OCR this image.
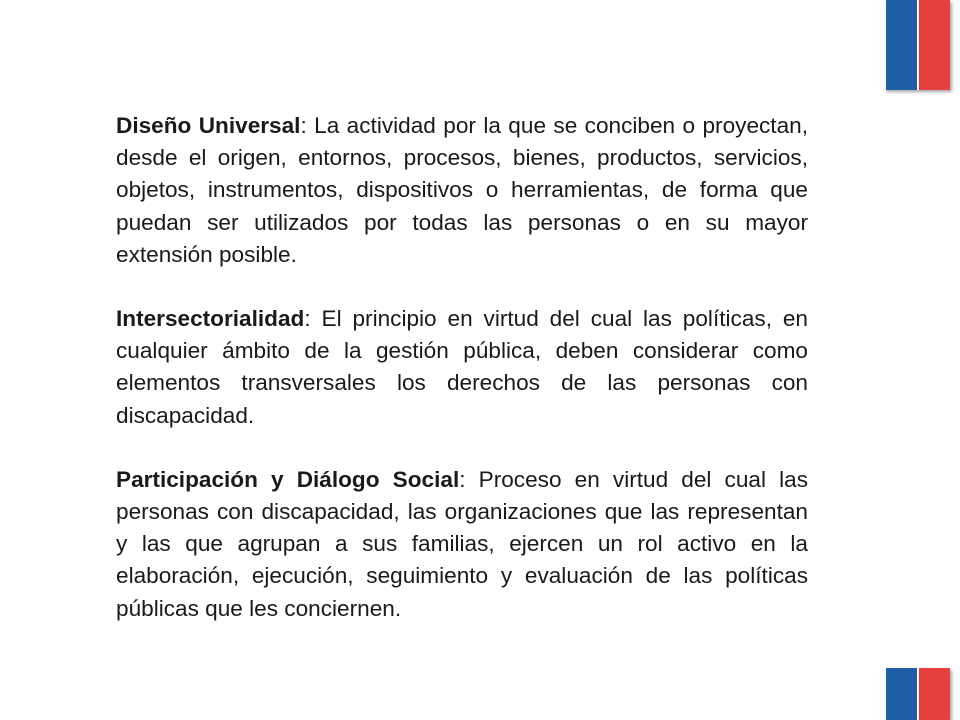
Diseño Universal: La actividad por la que se conciben o proyectan, desde el origen, entornos, procesos, bienes, productos, servicios, objetos, instrumentos, dispositivos o herramientas, de forma que puedan ser utilizados por todas las personas o en su mayor extensión posible.

Intersectorialidad: El principio en virtud del cual las políticas, en cualquier ámbito de la gestión pública, deben considerar como elementos transversales los derechos de las personas con discapacidad.

Participación y Diálogo Social: Proceso en virtud del cual las personas con discapacidad, las organizaciones que las representan y las que agrupan a sus familias, ejercen un rol activo en la elaboración, ejecución, seguimiento y evaluación de las políticas públicas que les conciernen.
